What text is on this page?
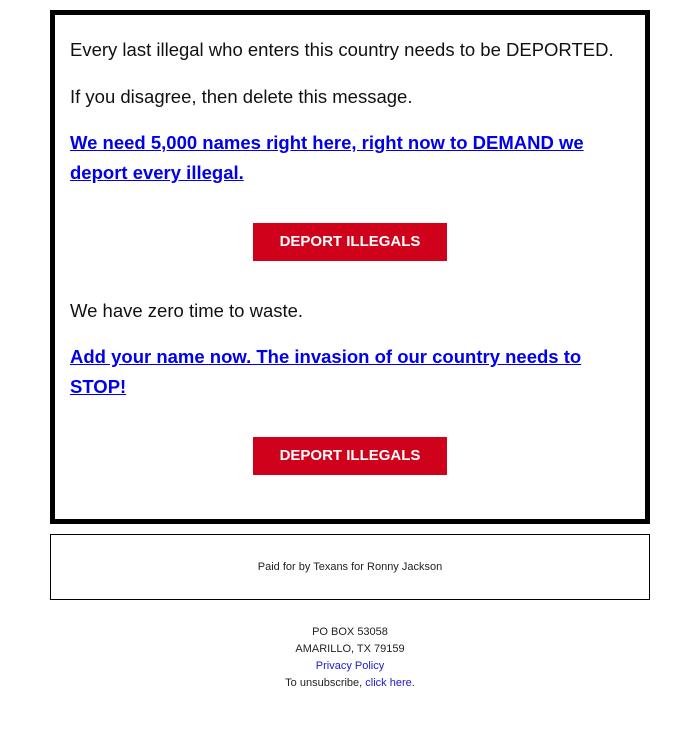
Every last illegal who enters this country needs to be DEPORTED.

If you disagree, then delete this message.

We need 5,000 names right here, right now to DEMAND we deport every illegal.
DEPORT ILLEGALS

We have zero time to waste.

Add your name now. The invasion of our country needs to STOP!
DEPORT ILLEGALS
Paid for by Texans for Ronny Jackson
PO BOX 53058
AMARILLO, TX 79159
Privacy Policy
To unsubscribe, click here.
